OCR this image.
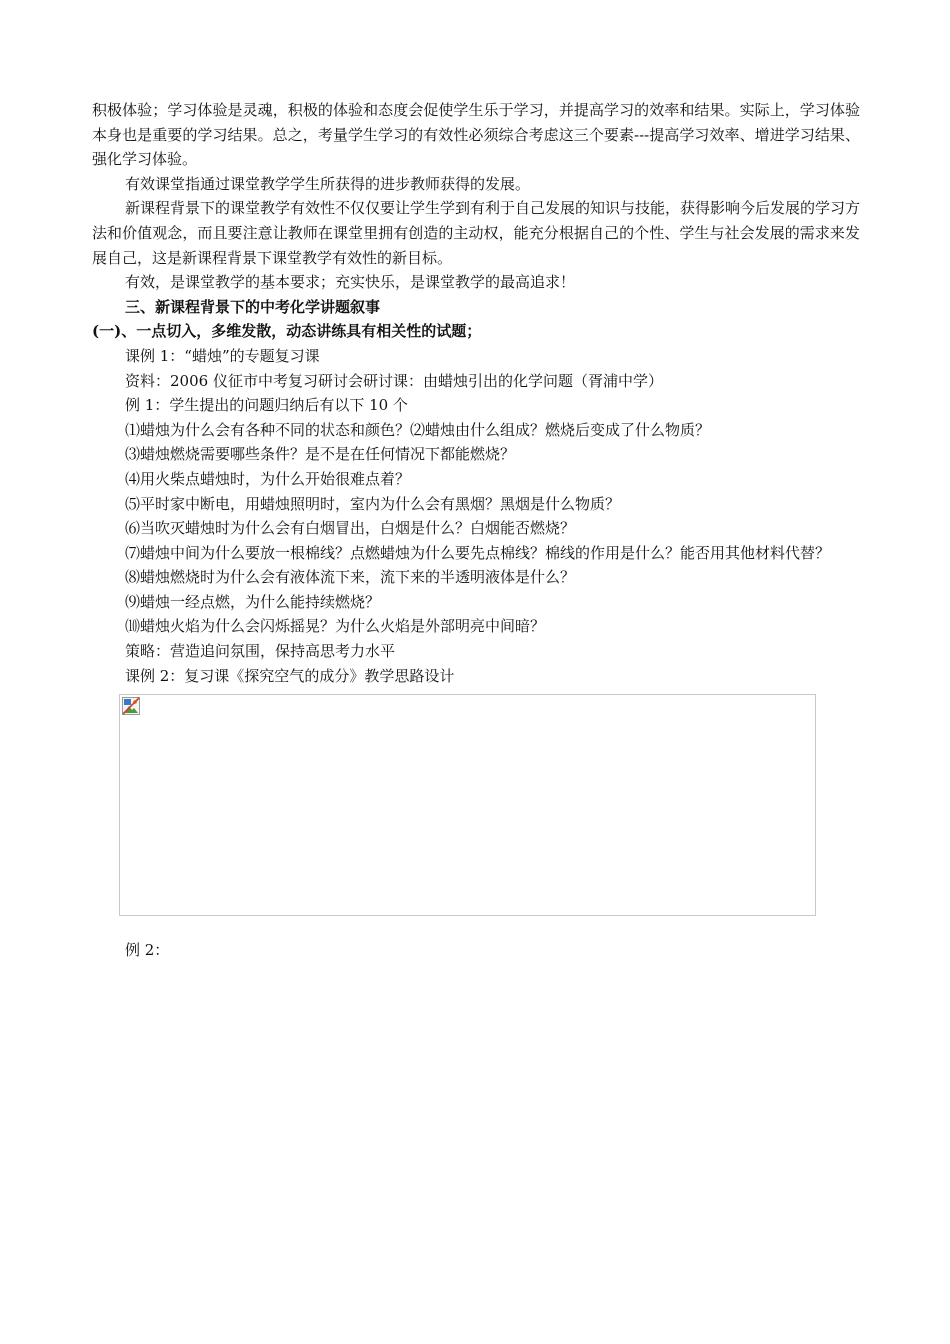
积极体验；学习体验是灵魂，积极的体验和态度会促使学生乐于学习，并提高学习的效率和结果。实际上，学习体验本身也是重要的学习结果。总之，考量学生学习的有效性必须综合考虑这三个要素---提高学习效率、增进学习结果、强化学习体验。

有效课堂指通过课堂教学学生所获得的进步教师获得的发展。

新课程背景下的课堂教学有效性不仅仅要让学生学到有利于自己发展的知识与技能，获得影响今后发展的学习方法和价值观念，而且要注意让教师在课堂里拥有创造的主动权，能充分根据自己的个性、学生与社会发展的需求来发展自己，这是新课程背景下课堂教学有效性的新目标。

有效，是课堂教学的基本要求；充实快乐，是课堂教学的最高追求！

三、新课程背景下的中考化学讲题叙事

(一)、一点切入，多维发散，动态讲练具有相关性的试题；

课例 1：“蜡烛”的专题复习课

资料：2006 仪征市中考复习研讨会研讨课：由蜡烛引出的化学问题（胥浦中学）

例 1：学生提出的问题归纳后有以下 10 个

⑴蜡烛为什么会有各种不同的状态和颜色？⑵蜡烛由什么组成？燃烧后变成了什么物质？

⑶蜡烛燃烧需要哪些条件？是不是在任何情况下都能燃烧？

⑷用火柴点蜡烛时，为什么开始很难点着？

⑸平时家中断电，用蜡烛照明时，室内为什么会有黑烟？黑烟是什么物质？

⑹当吹灭蜡烛时为什么会有白烟冒出，白烟是什么？白烟能否燃烧？

⑺蜡烛中间为什么要放一根棉线？点燃蜡烛为什么要先点棉线？棉线的作用是什么？能否用其他材料代替？

⑻蜡烛燃烧时为什么会有液体流下来，流下来的半透明液体是什么？

⑼蜡烛一经点燃，为什么能持续燃烧？

⑽蜡烛火焰为什么会闪烁摇晃？为什么火焰是外部明亮中间暗？

策略：营造追问氛围，保持高思考力水平

课例 2：复习课《探究空气的成分》教学思路设计

例 2：
